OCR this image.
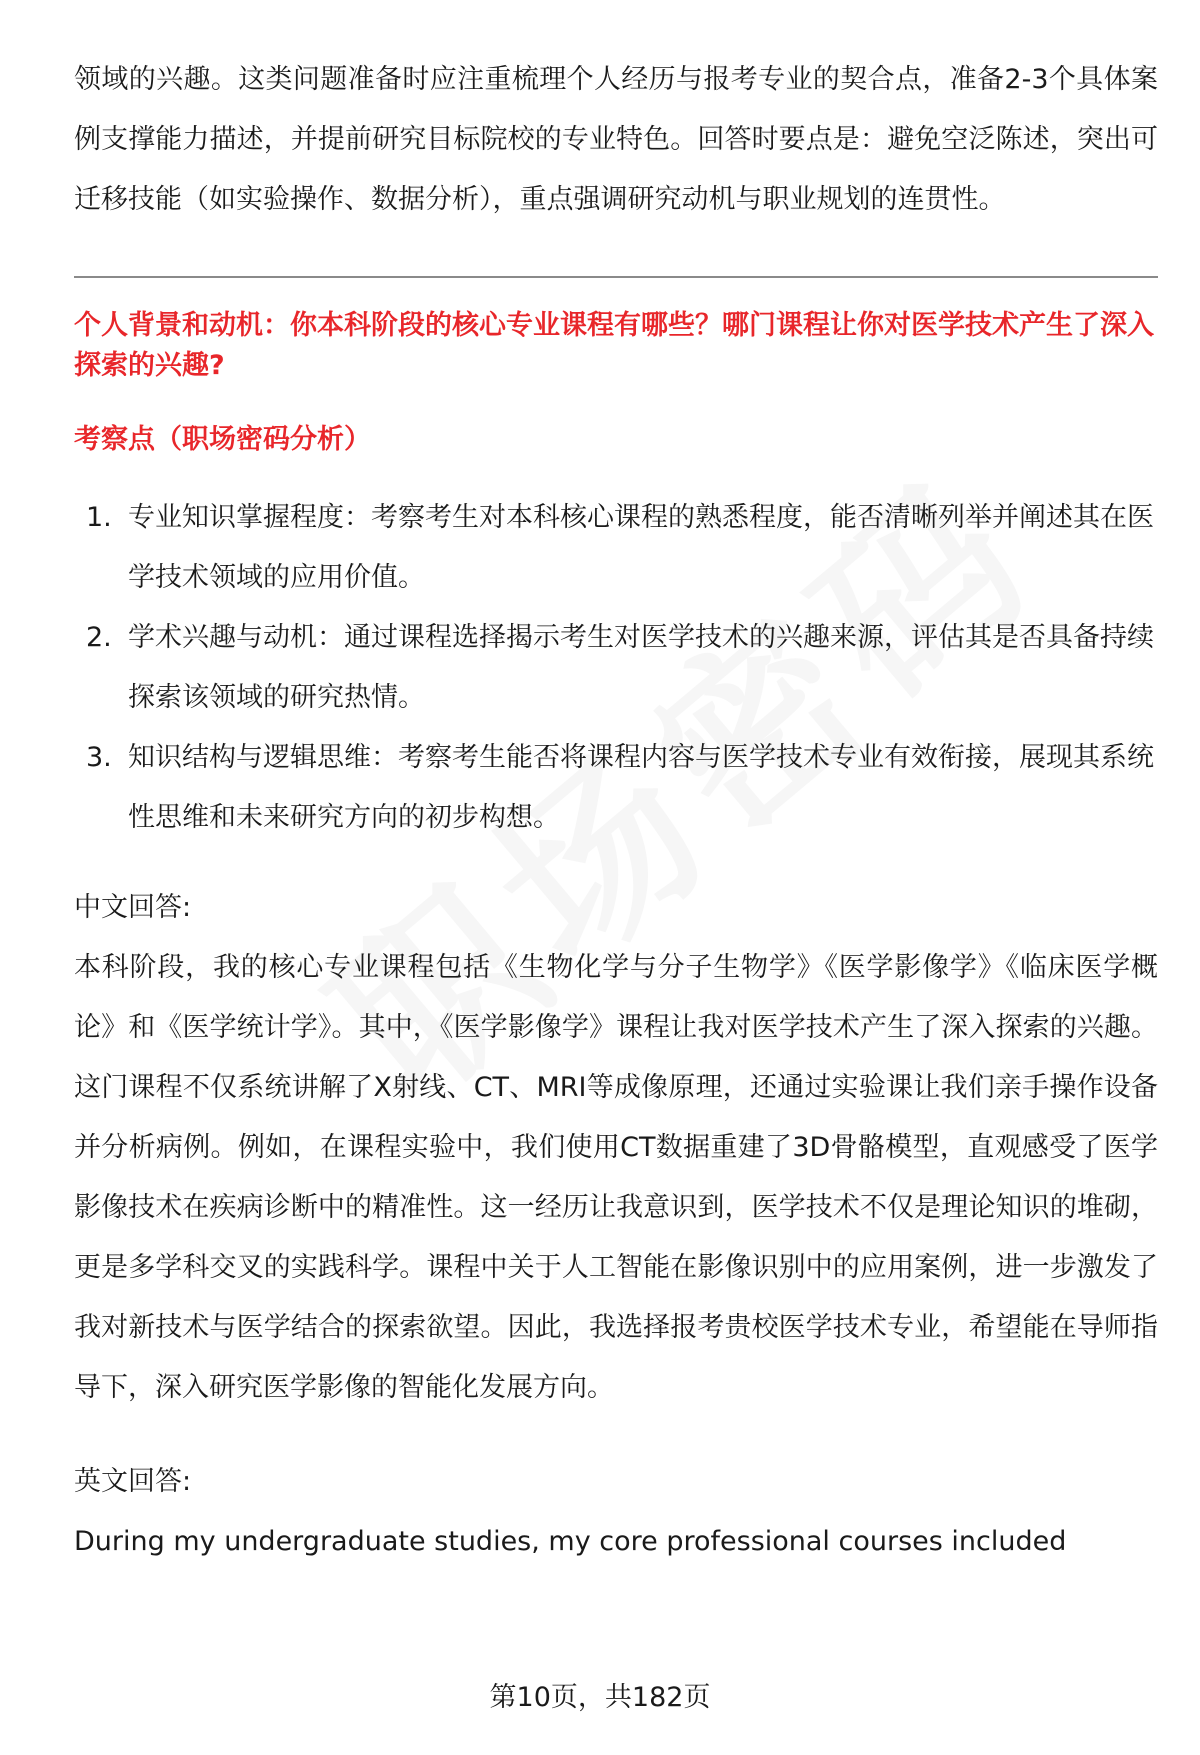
领域的兴趣。这类问题准备时应注重梳理个人经历与报考专业的契合点，准备2-3个具体案例支撑能力描述，并提前研究目标院校的专业特色。回答时要点是：避免空泛陈述，突出可迁移技能（如实验操作、数据分析），重点强调研究动机与职业规划的连贯性。

个人背景和动机：你本科阶段的核心专业课程有哪些？哪门课程让你对医学技术产生了深入探索的兴趣?

考察点（职场密码分析）

1. 专业知识掌握程度：考察考生对本科核心课程的熟悉程度，能否清晰列举并阐述其在医学技术领域的应用价值。
2. 学术兴趣与动机：通过课程选择揭示考生对医学技术的兴趣来源，评估其是否具备持续探索该领域的研究热情。
3. 知识结构与逻辑思维：考察考生能否将课程内容与医学技术专业有效衔接，展现其系统性思维和未来研究方向的初步构想。

中文回答:

本科阶段，我的核心专业课程包括《生物化学与分子生物学》《医学影像学》《临床医学概论》和《医学统计学》。其中，《医学影像学》课程让我对医学技术产生了深入探索的兴趣。这门课程不仅系统讲解了X射线、CT、MRI等成像原理，还通过实验课让我们亲手操作设备并分析病例。例如，在课程实验中，我们使用CT数据重建了3D骨骼模型，直观感受了医学影像技术在疾病诊断中的精准性。这一经历让我意识到，医学技术不仅是理论知识的堆砌，更是多学科交叉的实践科学。课程中关于人工智能在影像识别中的应用案例，进一步激发了我对新技术与医学结合的探索欲望。因此，我选择报考贵校医学技术专业，希望能在导师指导下，深入研究医学影像的智能化发展方向。

英文回答:

During my undergraduate studies, my core professional courses included

第10页，共182页
